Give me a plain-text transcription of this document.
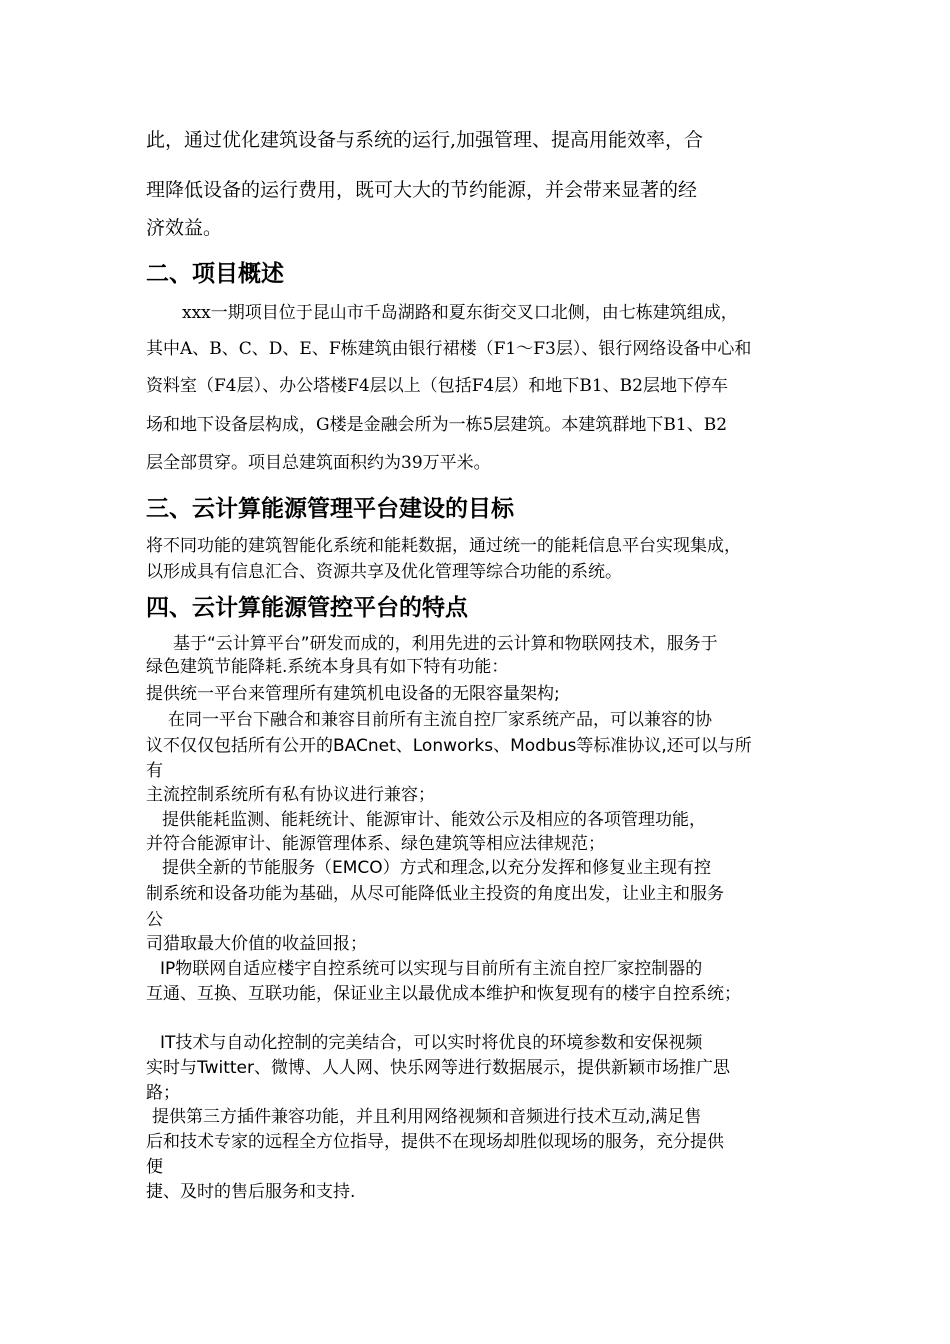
此，通过优化建筑设备与系统的运行,加强管理、提高用能效率，合

理降低设备的运行费用，既可大大的节约能源，并会带来显著的经

济效益。

二、项目概述

xxx一期项目位于昆山市千岛湖路和夏东街交叉口北侧，由七栋建筑组成，

其中A、B、C、D、E、F栋建筑由银行裙楼（F1～F3层）、银行网络设备中心和

资料室（F4层）、办公塔楼F4层以上（包括F4层）和地下B1、B2层地下停车

场和地下设备层构成，G楼是金融会所为一栋5层建筑。本建筑群地下B1、B2

层全部贯穿。项目总建筑面积约为39万平米。

三、云计算能源管理平台建设的目标

将不同功能的建筑智能化系统和能耗数据，通过统一的能耗信息平台实现集成，

以形成具有信息汇合、资源共享及优化管理等综合功能的系统。

四、云计算能源管控平台的特点

基于“云计算平台”研发而成的，利用先进的云计算和物联网技术，服务于

绿色建筑节能降耗.系统本身具有如下特有功能：

提供统一平台来管理所有建筑机电设备的无限容量架构;

在同一平台下融合和兼容目前所有主流自控厂家系统产品，可以兼容的协

议不仅仅包括所有公开的BACnet、Lonworks、Modbus等标准协议,还可以与所

有

主流控制系统所有私有协议进行兼容；

提供能耗监测、能耗统计、能源审计、能效公示及相应的各项管理功能，

并符合能源审计、能源管理体系、绿色建筑等相应法律规范；

提供全新的节能服务（EMCO）方式和理念,以充分发挥和修复业主现有控

制系统和设备功能为基础，从尽可能降低业主投资的角度出发，让业主和服务

公

司猎取最大价值的收益回报；

IP物联网自适应楼宇自控系统可以实现与目前所有主流自控厂家控制器的

互通、互换、互联功能，保证业主以最优成本维护和恢复现有的楼宇自控系统；

IT技术与自动化控制的完美结合，可以实时将优良的环境参数和安保视频

实时与Twitter、微博、人人网、快乐网等进行数据展示，提供新颖市场推广思

路；

提供第三方插件兼容功能，并且利用网络视频和音频进行技术互动,满足售

后和技术专家的远程全方位指导，提供不在现场却胜似现场的服务，充分提供

便

捷、及时的售后服务和支持.
